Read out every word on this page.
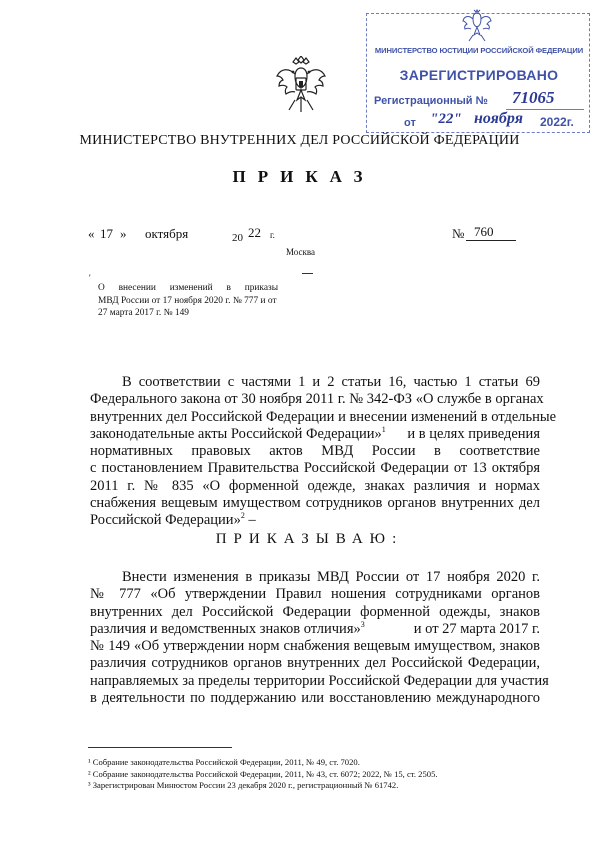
МИНИСТЕРСТВО ЮСТИЦИИ РОССИЙСКОЙ ФЕДЕРАЦИИ
ЗАРЕГИСТРИРОВАНО
Регистрационный № 71065
от "22" ноября 2022г.
МИНИСТЕРСТВО ВНУТРЕННИХ ДЕЛ РОССИЙСКОЙ ФЕДЕРАЦИИ
ПРИКАЗ
« 17 » октября	20 22 г.	№ 760
Москва
'
О внесении изменений в приказы
МВД России от 17 ноября 2020 г. № 777 и от 27 марта 2017 г. № 149
В соответствии с частями 1 и 2 статьи 16, частью 1 статьи 69
Федерального закона от 30 ноября 2011 г. № 342-ФЗ «О службе в органах
внутренних дел Российской Федерации и внесении изменений в отдельные
законодательные акты Российской Федерации»$^1$ и в целях приведения
нормативных правовых актов МВД России в соответствие
с постановлением Правительства Российской Федерации от 13 октября
2011 г. № 835 «О форменной одежде, знаках различия и нормах
снабжения вещевым имуществом сотрудников органов внутренних дел
Российской Федерации»$^2$ –
ПРИКАЗЫВАЮ:
Внести изменения в приказы МВД России от 17 ноября 2020 г.
№ 777 «Об утверждении Правил ношения сотрудниками органов
внутренних дел Российской Федерации форменной одежды, знаков
различия и ведомственных знаков отличия»$^3$	и от 27 марта 2017 г.
№ 149 «Об утверждении норм снабжения вещевым имуществом, знаков
различия сотрудников органов внутренних дел Российской Федерации,
направляемых за пределы территории Российской Федерации для участия
в деятельности по поддержанию или восстановлению международного
¹ Собрание законодательства Российской Федерации, 2011, № 49, ст. 7020.
² Собрание законодательства Российской Федерации, 2011, № 43, ст. 6072; 2022, № 15, ст. 2505.
³ Зарегистрирован Минюстом России 23 декабря 2020 г., регистрационный № 61742.
